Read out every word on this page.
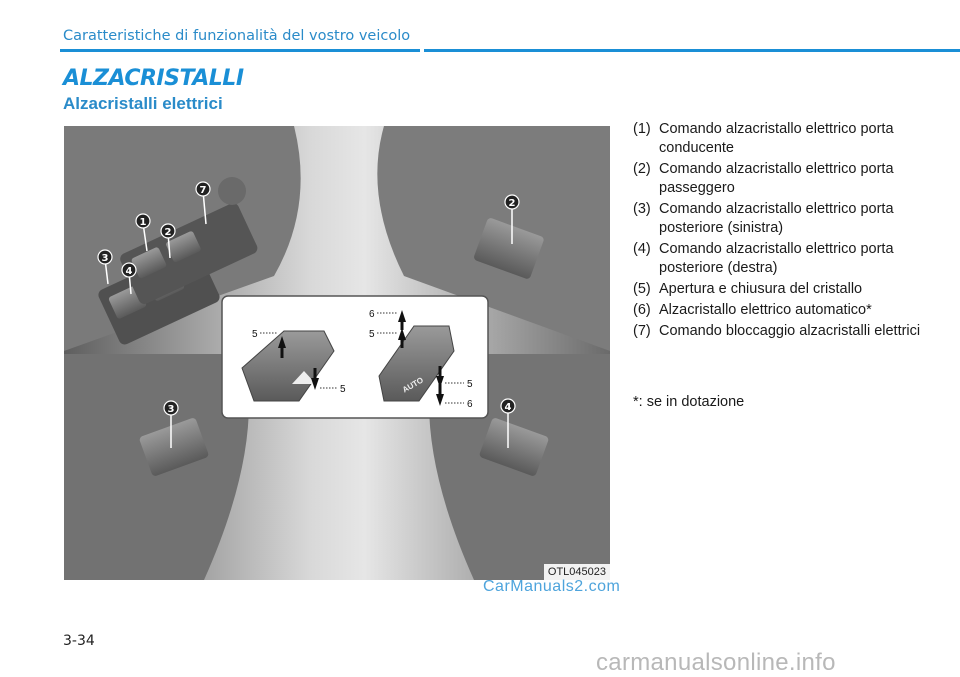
Caratteristiche di funzionalità del vostro veicolo
ALZACRISTALLI
Alzacristalli elettrici
1
2
3
4
7
2
3	4
5
5
6
5
5
6
AUTO
OTL045023
(1) Comando alzacristallo elettrico porta conducente
(2) Comando alzacristallo elettrico porta passeggero
(3) Comando alzacristallo elettrico porta posteriore (sinistra)
(4) Comando alzacristallo elettrico porta posteriore (destra)
(5) Apertura e chiusura del cristallo
(6) Alzacristallo elettrico automatico*
(7) Comando bloccaggio alzacristalli elettrici
*: se in dotazione
CarManuals2.com
3-34
carmanualsonline.info
